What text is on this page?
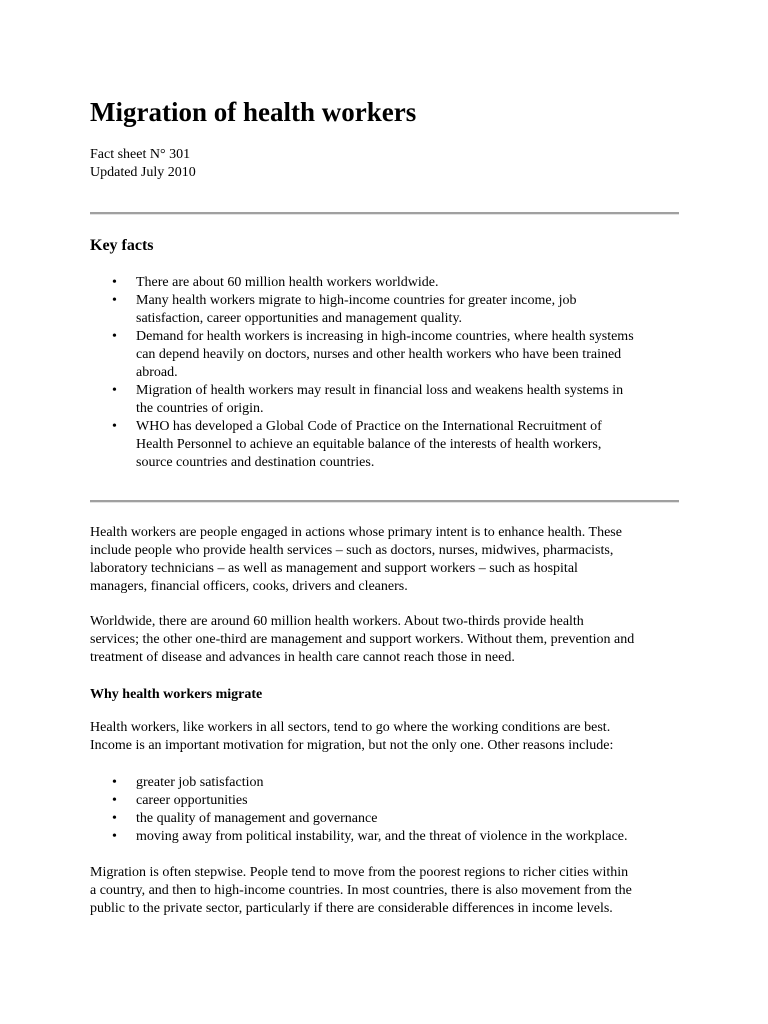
Migration of health workers
Fact sheet N° 301
Updated July 2010
Key facts
• There are about 60 million health workers worldwide.
• Many health workers migrate to high-income countries for greater income, job
satisfaction, career opportunities and management quality.
• Demand for health workers is increasing in high-income countries, where health systems
can depend heavily on doctors, nurses and other health workers who have been trained
abroad.
• Migration of health workers may result in financial loss and weakens health systems in
the countries of origin.
• WHO has developed a Global Code of Practice on the International Recruitment of
Health Personnel to achieve an equitable balance of the interests of health workers,
source countries and destination countries.

Health workers are people engaged in actions whose primary intent is to enhance health. These
include people who provide health services – such as doctors, nurses, midwives, pharmacists,
laboratory technicians – as well as management and support workers – such as hospital
managers, financial officers, cooks, drivers and cleaners.

Worldwide, there are around 60 million health workers. About two-thirds provide health
services; the other one-third are management and support workers. Without them, prevention and
treatment of disease and advances in health care cannot reach those in need.

Why health workers migrate

Health workers, like workers in all sectors, tend to go where the working conditions are best.
Income is an important motivation for migration, but not the only one. Other reasons include:

• greater job satisfaction
• career opportunities
• the quality of management and governance
• moving away from political instability, war, and the threat of violence in the workplace.

Migration is often stepwise. People tend to move from the poorest regions to richer cities within
a country, and then to high-income countries. In most countries, there is also movement from the
public to the private sector, particularly if there are considerable differences in income levels.
